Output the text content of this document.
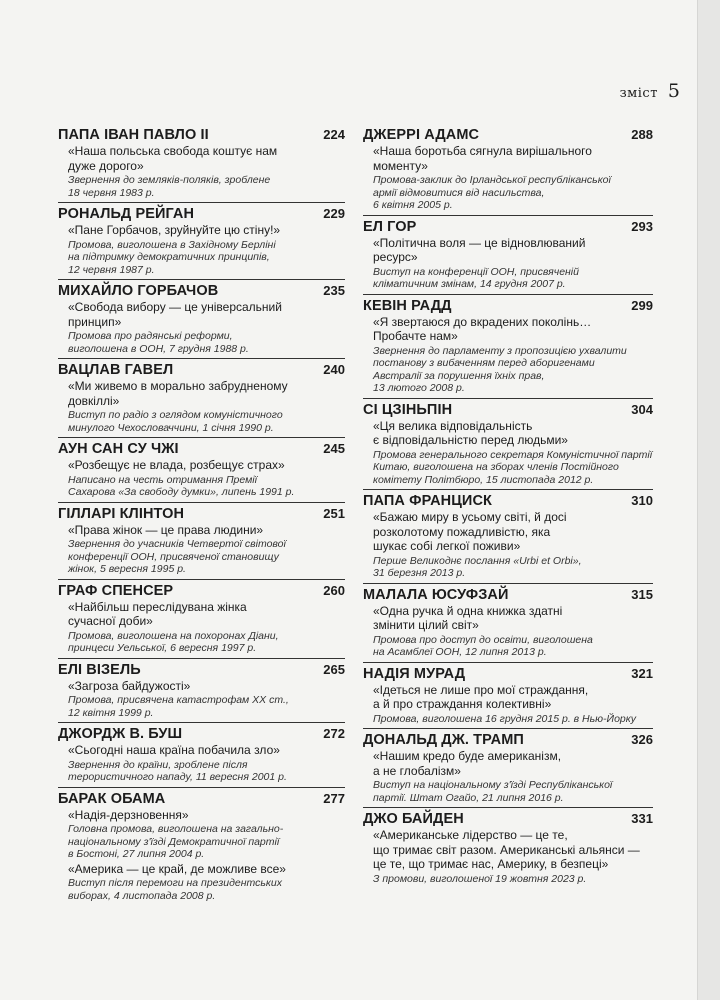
зміст 5
ПАПА ІВАН ПАВЛО II	224
«Наша польська свобода коштує нам
дуже дорого»
Звернення до земляків-поляків, зроблене
18 червня 1983 р.
РОНАЛЬД РЕЙГАН	229
«Пане Горбачов, зруйнуйте цю стіну!»
Промова, виголошена в Західному Берліні
на підтримку демократичних принципів,
12 червня 1987 р.
МИХАЙЛО ГОРБАЧОВ	235
«Свобода вибору — це універсальний
принцип»
Промова про радянські реформи,
виголошена в ООН, 7 грудня 1988 р.
ВАЦЛАВ ГАВЕЛ	240
«Ми живемо в морально забрудненому
довкіллі»
Виступ по радіо з оглядом комуністичного
минулого Чехословаччини, 1 січня 1990 р.
АУН САН СУ ЧЖІ	245
«Розбещує не влада, розбещує страх»
Написано на честь отримання Премії
Сахарова «За свободу думки», липень 1991 р.
ГІЛЛАРІ КЛІНТОН	251
«Права жінок — це права людини»
Звернення до учасників Четвертої світової
конференції ООН, присвяченої становищу
жінок, 5 вересня 1995 р.
ГРАФ СПЕНСЕР	260
«Найбільш переслідувана жінка
сучасної доби»
Промова, виголошена на похоронах Діани,
принцеси Уельської, 6 вересня 1997 р.
ЕЛІ ВІЗЕЛЬ	265
«Загроза байдужості»
Промова, присвячена катастрофам XX ст.,
12 квітня 1999 р.
ДЖОРДЖ В. БУШ	272
«Сьогодні наша країна побачила зло»
Звернення до країни, зроблене після
терористичного нападу, 11 вересня 2001 р.
БАРАК ОБАМА	277
«Надія-дерзновення»
Головна промова, виголошена на загально-
національному з'їзді Демократичної партії
в Бостоні, 27 липня 2004 р.
«Америка — це край, де можливе все»
Виступ після перемоги на президентських
виборах, 4 листопада 2008 р.
ДЖЕРРІ АДАМС	288
«Наша боротьба сягнула вирішального
моменту»
Промова-заклик до Ірландської республіканської
армії відмовитися від насильства,
6 квітня 2005 р.
ЕЛ ГОР	293
«Політична воля — це відновлюваний
ресурс»
Виступ на конференції ООН, присвяченій
кліматичним змінам, 14 грудня 2007 р.
КЕВІН РАДД	299
«Я звертаюся до вкрадених поколінь…
Пробачте нам»
Звернення до парламенту з пропозицією ухвалити
постанову з вибаченням перед аборигенами
Австралії за порушення їхніх прав,
13 лютого 2008 р.
СІ ЦЗІНЬПІН	304
«Ця велика відповідальність
є відповідальністю перед людьми»
Промова генерального секретаря Комуністичної партії
Китаю, виголошена на зборах членів Постійного
комітету Політбюро, 15 листопада 2012 р.
ПАПА ФРАНЦИСК	310
«Бажаю миру в усьому світі, й досі
розколотому пожадливістю, яка
шукає собі легкої поживи»
Перше Великоднє послання «Urbi et Orbi»,
31 березня 2013 р.
МАЛАЛА ЮСУФЗАЙ	315
«Одна ручка й одна книжка здатні
змінити цілий світ»
Промова про доступ до освіти, виголошена
на Асамблеї ООН, 12 липня 2013 р.
НАДІЯ МУРАД	321
«Ідеться не лише про мої страждання,
а й про страждання колективні»
Промова, виголошена 16 грудня 2015 р. в Нью-Йорку
ДОНАЛЬД ДЖ. ТРАМП	326
«Нашим кредо буде американізм,
а не глобалізм»
Виступ на національному з'їзді Республіканської
партії. Штат Огайо, 21 липня 2016 р.
ДЖО БАЙДЕН	331
«Американське лідерство — це те,
що тримає світ разом. Американські альянси —
це те, що тримає нас, Америку, в безпеці»
З промови, виголошеної 19 жовтня 2023 р.
